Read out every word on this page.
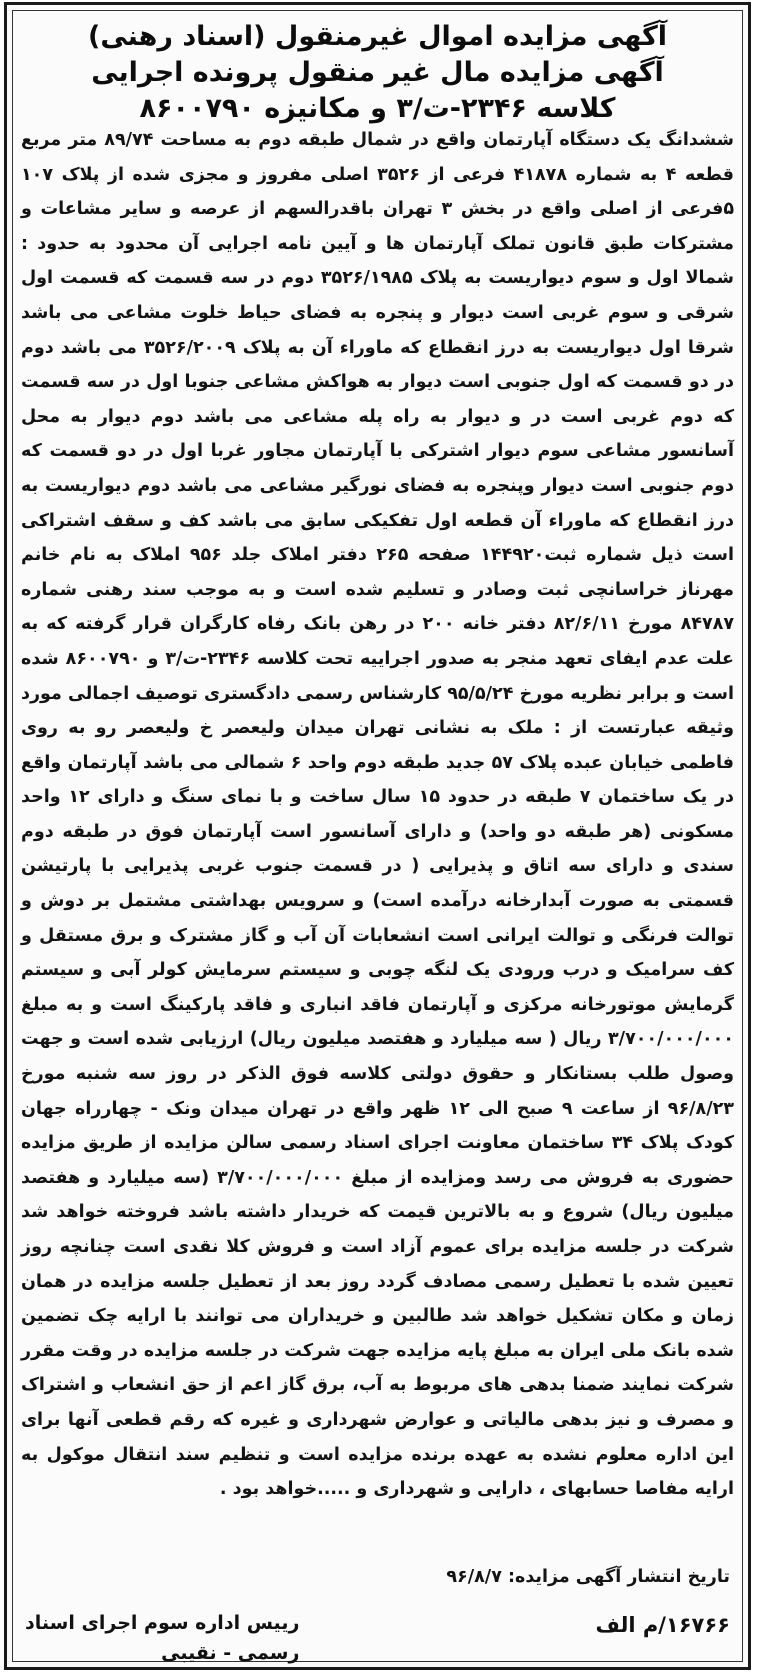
آگهی مزایده اموال غیرمنقول (اسناد رهنی)
آگهی مزایده مال غیر منقول پرونده اجرایی
کلاسه ۲۳۴۶-ت/۳ و مکانیزه ۸۶۰۰۷۹۰
ششدانگ یک دستگاه آپارتمان واقع در شمال طبقه دوم به مساحت ۸۹/۷۴ متر مربع قطعه ۴ به شماره ۴۱۸۷۸ فرعی از ۳۵۲۶ اصلی مفروز و مجزی شده از پلاک ۱۰۷ ۵فرعی از اصلی واقع در بخش ۳ تهران باقدرالسهم از عرصه و سایر مشاعات و مشترکات طبق قانون تملک آپارتمان ها و آیین نامه اجرایی آن محدود به حدود : شمالا اول و سوم دیواریست به پلاک ۳۵۲۶/۱۹۸۵ دوم در سه قسمت که قسمت اول شرقی و سوم غربی است دیوار و پنجره به فضای حیاط خلوت مشاعی می باشد شرقا اول دیواریست به درز انقطاع که ماوراء آن به پلاک ۳۵۲۶/۲۰۰۹ می باشد دوم در دو قسمت که اول جنوبی است دیوار به هواکش مشاعی جنوبا اول در سه قسمت که دوم غربی است در و دیوار به راه پله مشاعی می باشد دوم دیوار به محل آسانسور مشاعی سوم دیوار اشترکی با آپارتمان مجاور غربا اول در دو قسمت که دوم جنوبی است دیوار وپنجره به فضای نورگیر مشاعی می باشد دوم دیواریست به درز انقطاع که ماوراء آن قطعه اول تفکیکی سابق می باشد کف و سقف اشتراکی است ذیل شماره ثبت۱۴۴۹۲۰ صفحه ۲۶۵ دفتر املاک جلد ۹۵۶ املاک به نام خانم مهرناز خراسانچی ثبت وصادر و تسلیم شده است و به موجب سند رهنی شماره ۸۴۷۸۷ مورخ ۸۲/۶/۱۱ دفتر خانه ۲۰۰ در رهن بانک رفاه کارگران قرار گرفته که به علت عدم ایفای تعهد منجر به صدور اجراییه تحت کلاسه ۲۳۴۶-ت/۳ و ۸۶۰۰۷۹۰ شده است و برابر نظریه مورخ ۹۵/۵/۲۴ کارشناس رسمی دادگستری توصیف اجمالی مورد وثیقه عبارتست از : ملک به نشانی تهران میدان ولیعصر خ ولیعصر رو به روی فاطمی خیابان عبده پلاک ۵۷ جدید طبقه دوم واحد ۶ شمالی می باشد آپارتمان واقع در یک ساختمان ۷ طبقه در حدود ۱۵ سال ساخت و با نمای سنگ و دارای ۱۲ واحد مسکونی (هر طبقه دو واحد) و دارای آسانسور است آپارتمان فوق در طبقه دوم سندی و دارای سه اتاق و پذیرایی ( در قسمت جنوب غربی پذیرایی با پارتیشن قسمتی به صورت آبدارخانه درآمده است) و سرویس بهداشتی مشتمل بر دوش و توالت فرنگی و توالت ایرانی است انشعابات آن آب و گاز مشترک و برق مستقل و کف سرامیک و درب ورودی یک لنگه چوبی و سیستم سرمایش کولر آبی و سیستم گرمایش موتورخانه مرکزی و آپارتمان فاقد انباری و فاقد پارکینگ است و به مبلغ ۳/۷۰۰/۰۰۰/۰۰۰ ریال ( سه میلیارد و هفتصد میلیون ریال) ارزیابی شده است و جهت وصول طلب بستانکار و حقوق دولتی کلاسه فوق الذکر در روز سه شنبه مورخ ۹۶/۸/۲۳ از ساعت ۹ صبح الی ۱۲ ظهر واقع در تهران میدان ونک - چهارراه جهان کودک پلاک ۳۴ ساختمان معاونت اجرای اسناد رسمی سالن مزایده از طریق مزایده حضوری به فروش می رسد ومزایده از مبلغ ۳/۷۰۰/۰۰۰/۰۰۰ (سه میلیارد و هفتصد میلیون ریال) شروع و به بالاترین قیمت که خریدار داشته باشد فروخته خواهد شد شرکت در جلسه مزایده برای عموم آزاد است و فروش کلا نقدی است چنانچه روز تعیین شده با تعطیل رسمی مصادف گردد روز بعد از تعطیل جلسه مزایده در همان زمان و مکان تشکیل خواهد شد طالبین و خریداران می توانند با ارایه چک تضمین شده بانک ملی ایران به مبلغ پایه مزایده جهت شرکت در جلسه مزایده در وقت مقرر شرکت نمایند ضمنا بدهی های مربوط به آب، برق گاز اعم از حق انشعاب و اشتراک و مصرف و نیز بدهی مالیاتی و عوارض شهرداری و غیره که رقم قطعی آنها برای این اداره معلوم نشده به عهده برنده مزایده است و تنظیم سند انتقال موکول به ارایه مفاصا حسابهای ، دارایی و شهرداری و .....خواهد بود .
تاریخ انتشار آگهی مزایده: ۹۶/۸/۷
۱۶۷۶۶/م الف
رییس اداره سوم اجرای اسناد
رسمی - نقیبی
